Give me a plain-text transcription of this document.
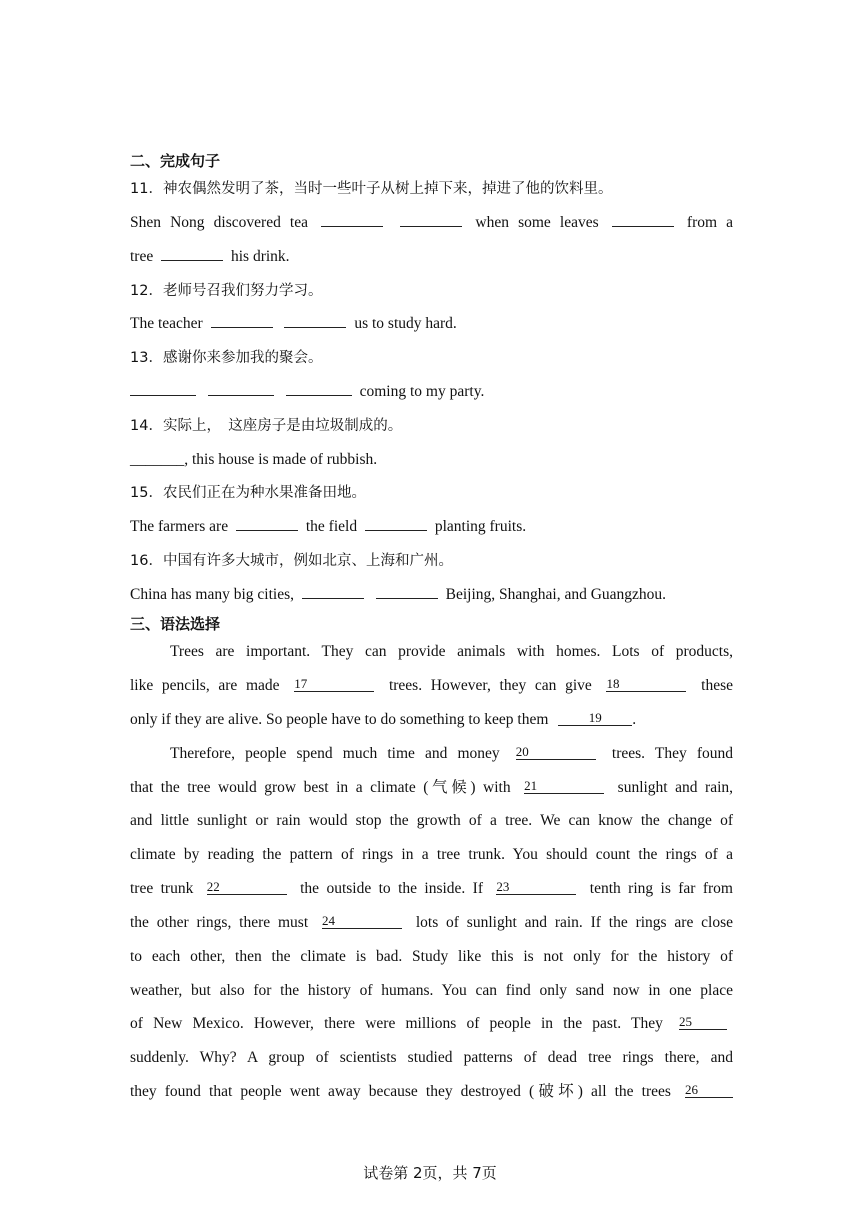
二、完成句子
11．神农偶然发明了茶，当时一些叶子从树上掉下来，掉进了他的饮料里。
Shen Nong discovered tea	when some leaves	from a
tree	his drink.
12．老师号召我们努力学习。
The teacher	us to study hard.
13．感谢你来参加我的聚会。
coming to my party.
14．实际上，　这座房子是由垃圾制成的。
_______, this house is made of rubbish.
15．农民们正在为种水果准备田地。
The farmers are	the field	planting fruits.
16．中国有许多大城市，例如北京、上海和广州。
China has many big cities,	Beijing, Shanghai, and Guangzhou.
三、语法选择
Trees are important. They can provide animals with homes. Lots of products,
like pencils, are made 17	trees. However, they can give 18	these
only if they are alive. So people have to do something to keep them	19 .
Therefore, people spend much time and money 20	trees. They found
that the tree would grow best in a climate (气候) with 21	sunlight and rain,
and little sunlight or rain would stop the growth of a tree. We can know the change of
climate by reading the pattern of rings in a tree trunk. You should count the rings of a
tree trunk 22	the outside to the inside. If 23	tenth ring is far from
the other rings, there must 24	lots of sunlight and rain. If the rings are close
to each other, then the climate is bad. Study like this is not only for the history of
weather, but also for the history of humans. You can find only sand now in one place
of New Mexico. However, there were millions of people in the past. They 25
suddenly. Why? A group of scientists studied patterns of dead tree rings there, and
they found that people went away because they destroyed (破坏) all the trees 26
试卷第 2页，共 7页
